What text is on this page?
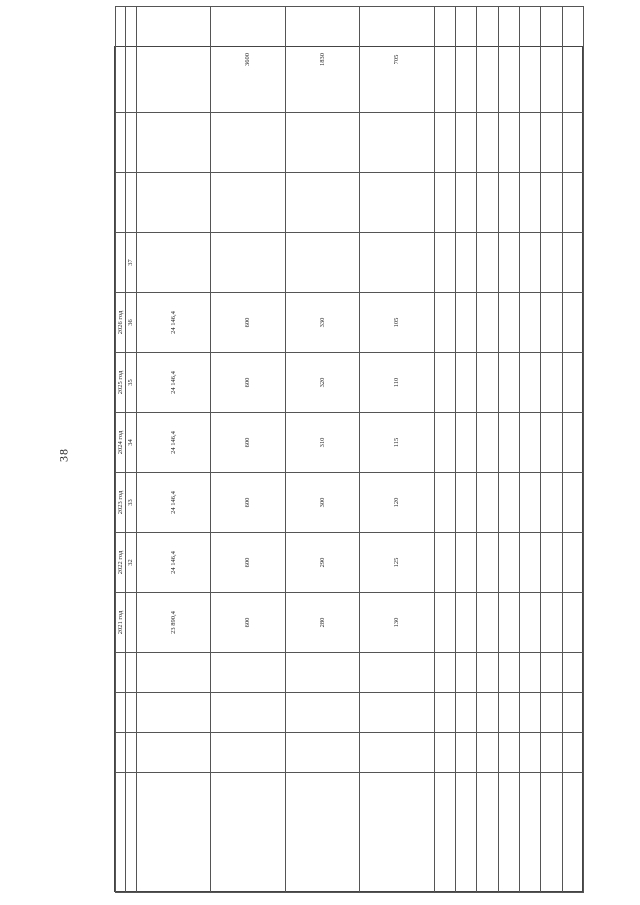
38
				2021 год	2022 год	2023 год	2024 год	2025 год	2026 год				
					32	33	34	35	36	37			
				23 890,4	24 146,4	24 146,4	24 146,4	24 146,4	24 146,4				
				600	600	600	600	600	600				3600
				280	290	300	310	320	330				1830
				130	125	120	115	110	105				705
